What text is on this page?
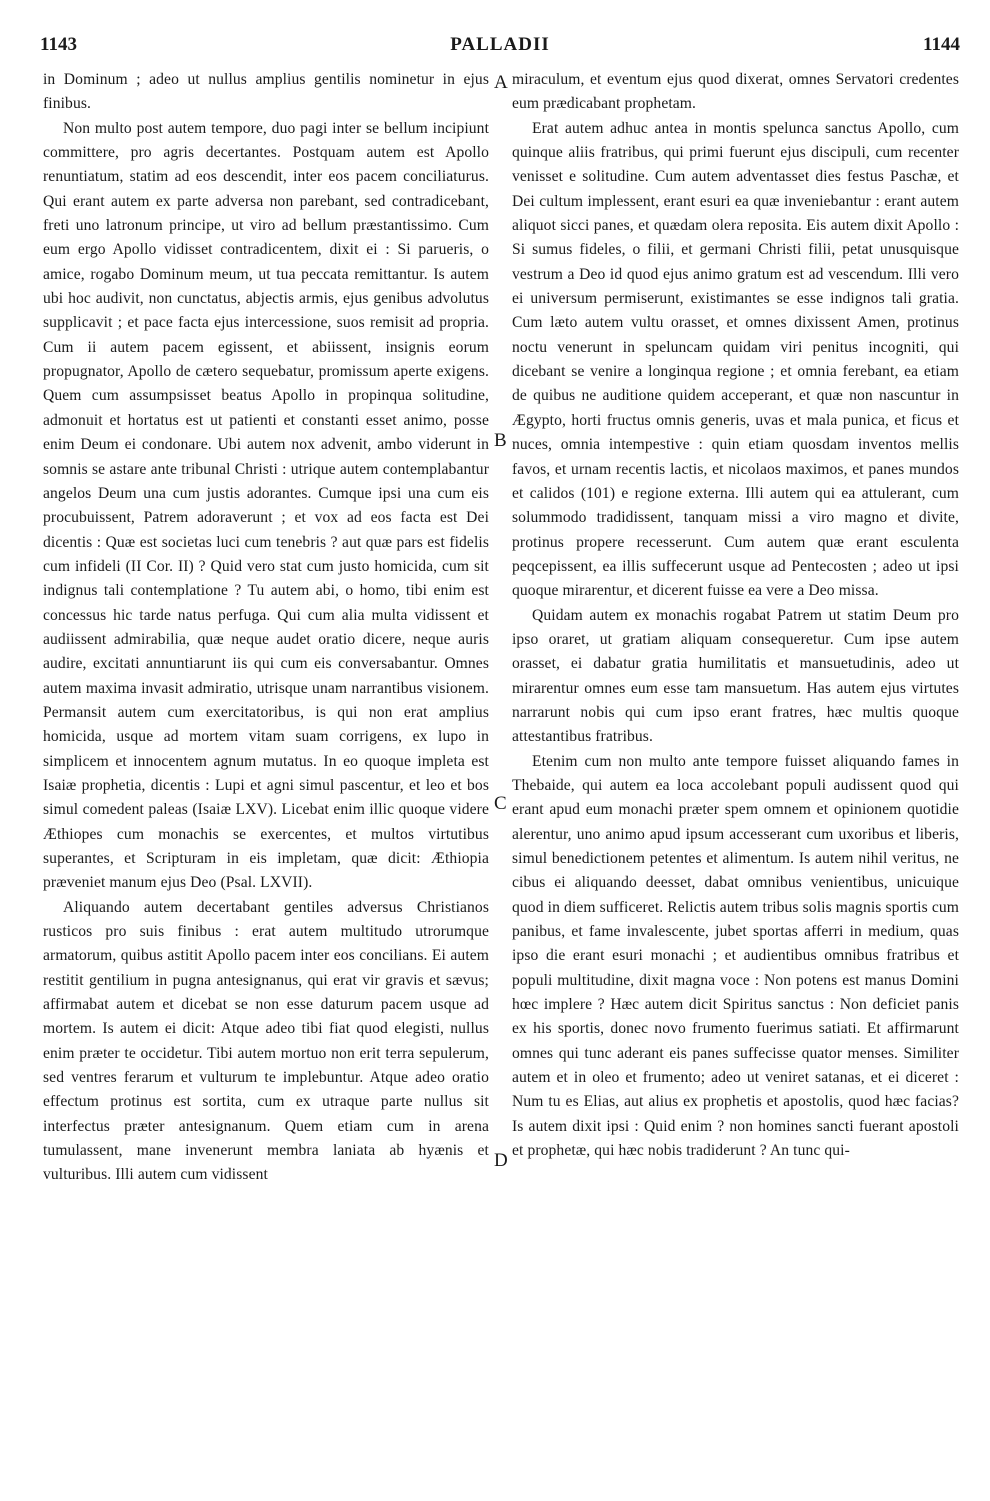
1143	PALLADII	1144

in Dominum ; adeo ut nullus amplius gentilis nominetur in ejus finibus.

Non multo post autem tempore, duo pagi inter se bellum incipiunt committere, pro agris decertantes. Postquam autem est Apollo renuntiatum, statim ad eos descendit, inter eos pacem conciliaturus. Qui erant autem ex parte adversa non parebant, sed contradicebant, freti uno latronum principe, ut viro ad bellum præstantissimo. Cum eum ergo Apollo vidisset contradicentem, dixit ei : Si parueris, o amice, rogabo Dominum meum, ut tua peccata remittantur. Is autem ubi hoc audivit, non cunctatus, abjectis armis, ejus genibus advolutus supplicavit ; et pace facta ejus intercessione, suos remisit ad propria. Cum ii autem pacem egissent, et abiissent, insignis eorum propugnator, Apollo de cætero sequebatur, promissum aperte exigens. Quem cum assumpsisset beatus Apollo in propinqua solitudine, admonuit et hortatus est ut patienti et constanti esset animo, posse enim Deum ei condonare. Ubi autem nox advenit, ambo viderunt in somnis se astare ante tribunal Christi : utrique autem contemplabantur angelos Deum una cum justis adorantes. Cumque ipsi una cum eis procubuissent, Patrem adoraverunt ; et vox ad eos facta est Dei dicentis : Quæ est societas luci cum tenebris ? aut quæ pars est fidelis cum infideli (II Cor. II) ? Quid vero stat cum justo homicida, cum sit indignus tali contemplatione ? Tu autem abi, o homo, tibi enim est concessus hic tarde natus perfuga. Qui cum alia multa vidissent et audiissent admirabilia, quæ neque audet oratio dicere, neque auris audire, excitati annuntiarunt iis qui cum eis conversabantur. Omnes autem maxima invasit admiratio, utrisque unam narrantibus visionem. Permansit autem cum exercitatoribus, is qui non erat amplius homicida, usque ad mortem vitam suam corrigens, ex lupo in simplicem et innocentem agnum mutatus. In eo quoque impleta est Isaiæ prophetia, dicentis : Lupi et agni simul pascentur, et leo et bos simul comedent paleas (Isaiæ LXV). Licebat enim illic quoque videre Æthiopes cum monachis se exercentes, et multos virtutibus superantes, et Scripturam in eis impletam, quæ dicit: Æthiopia præveniet manum ejus Deo (Psal. LXVII).

Aliquando autem decertabant gentiles adversus Christianos rusticos pro suis finibus : erat autem multitudo utrorumque armatorum, quibus astitit Apollo pacem inter eos concilians. Ei autem restitit gentilium in pugna antesignanus, qui erat vir gravis et sævus; affirmabat autem et dicebat se non esse daturum pacem usque ad mortem. Is autem ei dicit: Atque adeo tibi fiat quod elegisti, nullus enim præter te occidetur. Tibi autem mortuo non erit terra sepulerum, sed ventres ferarum et vulturum te implebuntur. Atque adeo oratio effectum protinus est sortita, cum ex utraque parte nullus sit interfectus præter antesignanum. Quem etiam cum in arena tumulassent, mane invenerunt membra laniata ab hyænis et vulturibus. Illi autem cum vidissent

A
B
C
D

miraculum, et eventum ejus quod dixerat, omnes Servatori credentes eum prædicabant prophetam.

Erat autem adhuc antea in montis spelunca sanctus Apollo, cum quinque aliis fratribus, qui primi fuerunt ejus discipuli, cum recenter venisset e solitudine. Cum autem adventasset dies festus Paschæ, et Dei cultum implessent, erant esuri ea quæ inveniebantur : erant autem aliquot sicci panes, et quædam olera reposita. Eis autem dixit Apollo : Si sumus fideles, o filii, et germani Christi filii, petat unusquisque vestrum a Deo id quod ejus animo gratum est ad vescendum. Illi vero ei universum permiserunt, existimantes se esse indignos tali gratia. Cum læto autem vultu orasset, et omnes dixissent Amen, protinus noctu venerunt in speluncam quidam viri penitus incogniti, qui dicebant se venire a longinqua regione ; et omnia ferebant, ea etiam de quibus ne auditione quidem acceperant, et quæ non nascuntur in Ægypto, horti fructus omnis generis, uvas et mala punica, et ficus et nuces, omnia intempestive : quin etiam quosdam inventos mellis favos, et urnam recentis lactis, et nicolaos maximos, et panes mundos et calidos (101) e regione externa. Illi autem qui ea attulerant, cum solummodo tradidissent, tanquam missi a viro magno et divite, protinus propere recesserunt. Cum autem quæ erant esculenta peqcepissent, ea illis suffecerunt usque ad Pentecosten ; adeo ut ipsi quoque mirarentur, et dicerent fuisse ea vere a Deo missa.

Quidam autem ex monachis rogabat Patrem ut statim Deum pro ipso oraret, ut gratiam aliquam consequeretur. Cum ipse autem orasset, ei dabatur gratia humilitatis et mansuetudinis, adeo ut mirarentur omnes eum esse tam mansuetum. Has autem ejus virtutes narrarunt nobis qui cum ipso erant fratres, hæc multis quoque attestantibus fratribus.

Etenim cum non multo ante tempore fuisset aliquando fames in Thebaide, qui autem ea loca accolebant populi audissent quod qui erant apud eum monachi præter spem omnem et opinionem quotidie alerentur, uno animo apud ipsum accesserant cum uxoribus et liberis, simul benedictionem petentes et alimentum. Is autem nihil veritus, ne cibus ei aliquando deesset, dabat omnibus venientibus, unicuique quod in diem sufficeret. Relictis autem tribus solis magnis sportis cum panibus, et fame invalescente, jubet sportas afferri in medium, quas ipso die erant esuri monachi ; et audientibus omnibus fratribus et populi multitudine, dixit magna voce : Non potens est manus Domini hœc implere ? Hæc autem dicit Spiritus sanctus : Non deficiet panis ex his sportis, donec novo frumento fuerimus satiati. Et affirmarunt omnes qui tunc aderant eis panes suffecisse quator menses. Similiter autem et in oleo et frumento; adeo ut veniret satanas, et ei diceret : Num tu es Elias, aut alius ex prophetis et apostolis, quod hæc facias? Is autem dixit ipsi : Quid enim ? non homines sancti fuerant apostoli et prophetæ, qui hæc nobis tradiderunt ? An tunc qui-
